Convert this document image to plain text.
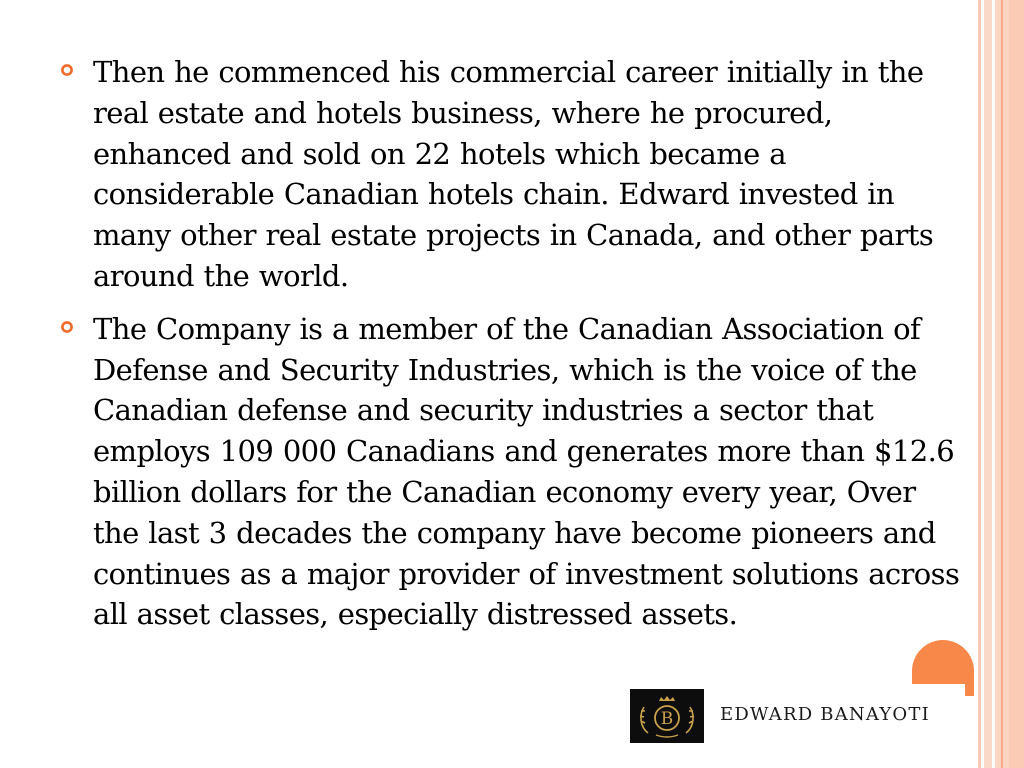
Then he commenced his commercial career initially in the real estate and hotels business, where he procured, enhanced and sold on 22 hotels which became a considerable Canadian hotels chain. Edward invested in many other real estate projects in Canada, and other parts around the world.
The Company is a member of the Canadian Association of Defense and Security Industries, which is the voice of the Canadian defense and security industries a sector that employs 109 000 Canadians and generates more than $12.6 billion dollars for the Canadian economy every year, Over the last 3 decades the company have become pioneers and continues as a major provider of investment solutions across all asset classes, especially distressed assets.
B	EDWARD BANAYOTI
